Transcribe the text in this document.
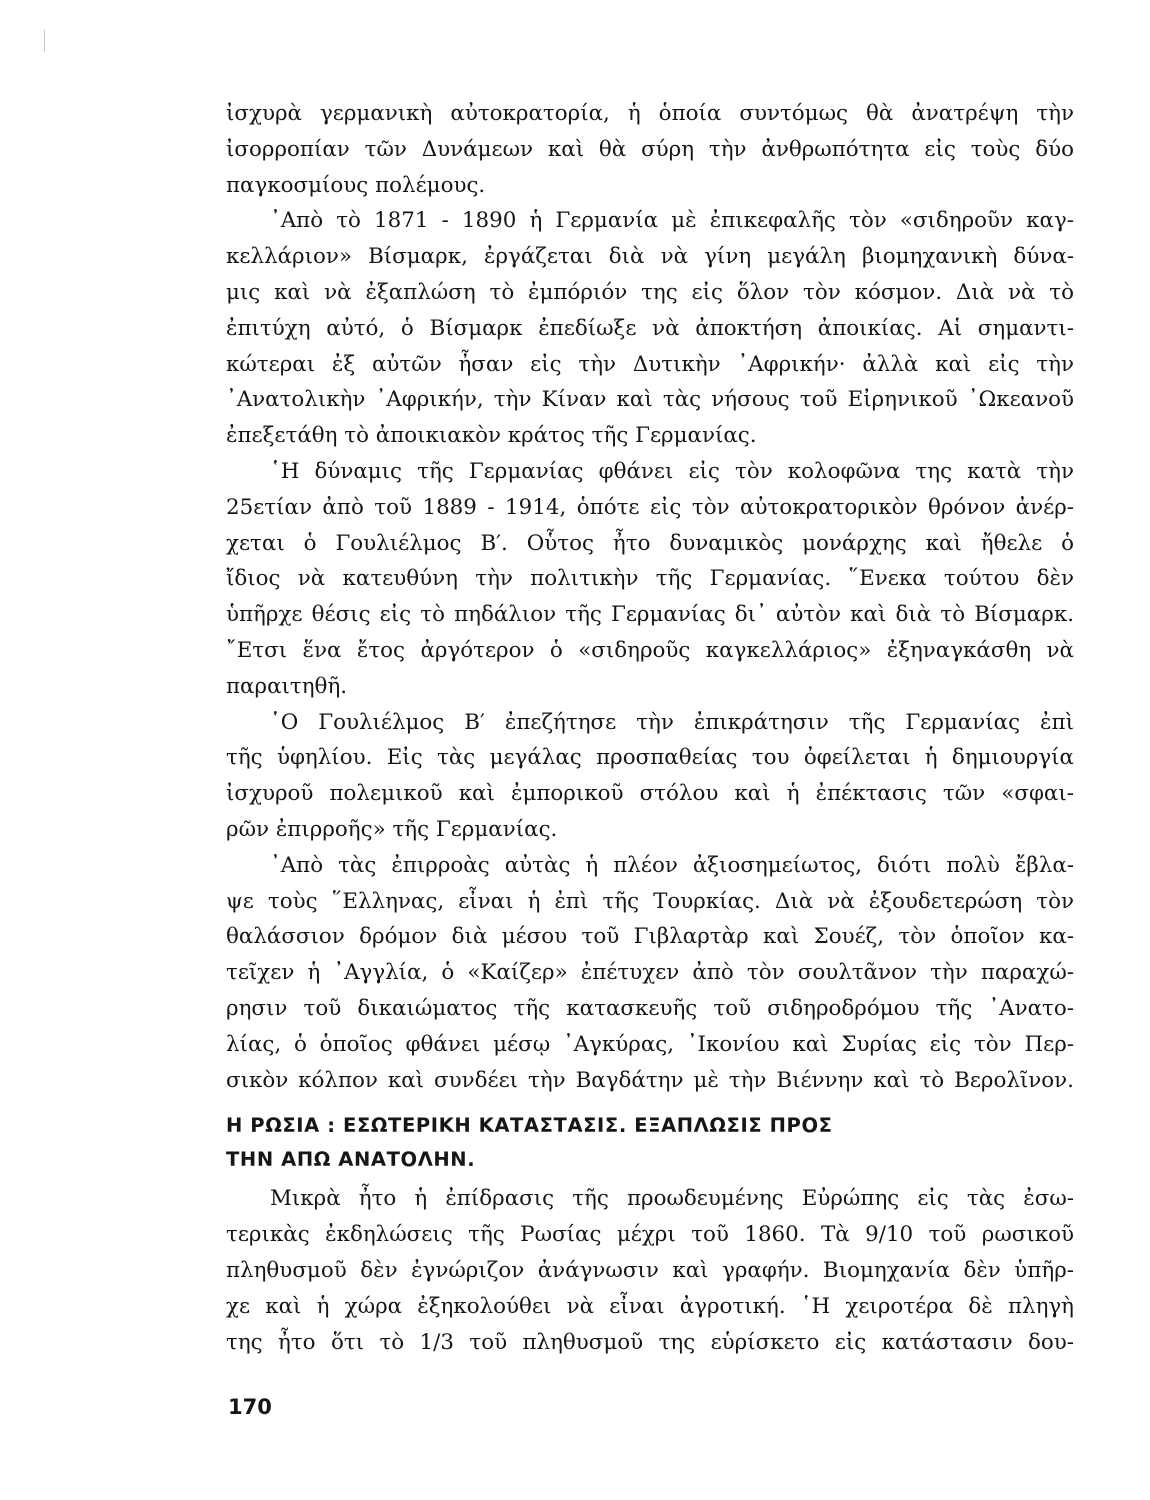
ἰσχυρὰ γερμανικὴ αὐτοκρατορία, ἡ ὁποία συντόμως θὰ ἀνατρέψη τὴν
ἰσορροπίαν τῶν Δυνάμεων καὶ θὰ σύρη τὴν ἀνθρωπότητα εἰς τοὺς δύο
παγκοσμίους πολέμους.
᾽Απὸ τὸ 1871 - 1890 ἡ Γερμανία μὲ ἐπικεφαλῆς τὸν «σιδηροῦν καγ-
κελλάριον» Βίσμαρκ, ἐργάζεται διὰ νὰ γίνη μεγάλη βιομηχανικὴ δύνα-
μις καὶ νὰ ἐξαπλώση τὸ ἐμπόριόν της εἰς ὅλον τὸν κόσμον. Διὰ νὰ τὸ
ἐπιτύχη αὐτό, ὁ Βίσμαρκ ἐπεδίωξε νὰ ἀποκτήση ἀποικίας. Αἱ σημαντι-
κώτεραι ἐξ αὐτῶν ἦσαν εἰς τὴν Δυτικὴν ᾽Αφρικήν· ἀλλὰ καὶ εἰς τὴν
᾽Ανατολικὴν ᾽Αφρικήν, τὴν Κίναν καὶ τὰς νήσους τοῦ Εἰρηνικοῦ ᾽Ωκεανοῦ
ἐπεξετάθη τὸ ἀποικιακὸν κράτος τῆς Γερμανίας.
῾Η δύναμις τῆς Γερμανίας φθάνει εἰς τὸν κολοφῶνα της κατὰ τὴν
25ετίαν ἀπὸ τοῦ 1889 - 1914, ὁπότε εἰς τὸν αὐτοκρατορικὸν θρόνον ἀνέρ-
χεται ὁ Γουλιέλμος Β′. Οὗτος ἦτο δυναμικὸς μονάρχης καὶ ἤθελε ὁ
ἴδιος νὰ κατευθύνη τὴν πολιτικὴν τῆς Γερμανίας. ῞Ενεκα τούτου δὲν
ὑπῆρχε θέσις εἰς τὸ πηδάλιον τῆς Γερμανίας δι᾽ αὐτὸν καὶ διὰ τὸ Βίσμαρκ.
῎Ετσι ἕνα ἔτος ἀργότερον ὁ «σιδηροῦς καγκελλάριος» ἐξηναγκάσθη νὰ
παραιτηθῆ.
῾Ο Γουλιέλμος Β′ ἐπεζήτησε τὴν ἐπικράτησιν τῆς Γερμανίας ἐπὶ
τῆς ὑφηλίου. Εἰς τὰς μεγάλας προσπαθείας του ὀφείλεται ἡ δημιουργία
ἰσχυροῦ πολεμικοῦ καὶ ἐμπορικοῦ στόλου καὶ ἡ ἐπέκτασις τῶν «σφαι-
ρῶν ἐπιρροῆς» τῆς Γερμανίας.
᾽Απὸ τὰς ἐπιρροὰς αὐτὰς ἡ πλέον ἀξιοσημείωτος, διότι πολὺ ἔβλα-
ψε τοὺς ῞Ελληνας, εἶναι ἡ ἐπὶ τῆς Τουρκίας. Διὰ νὰ ἐξουδετερώση τὸν
θαλάσσιον δρόμον διὰ μέσου τοῦ Γιβλαρτὰρ καὶ Σουέζ, τὸν ὁποῖον κα-
τεῖχεν ἡ ᾽Αγγλία, ὁ «Καίζερ» ἐπέτυχεν ἀπὸ τὸν σουλτᾶνον τὴν παραχώ-
ρησιν τοῦ δικαιώματος τῆς κατασκευῆς τοῦ σιδηροδρόμου τῆς ᾽Ανατο-
λίας, ὁ ὁποῖος φθάνει μέσῳ ᾽Αγκύρας, ᾽Ικονίου καὶ Συρίας εἰς τὸν Περ-
σικὸν κόλπον καὶ συνδέει τὴν Βαγδάτην μὲ τὴν Βιέννην καὶ τὸ Βερολῖνον.
Η ΡΩΣΙΑ : ΕΣΩΤΕΡΙΚΗ ΚΑΤΑΣΤΑΣΙΣ. ΕΞΑΠΛΩΣΙΣ ΠΡΟΣ
ΤΗΝ ΑΠΩ ΑΝΑΤΟΛΗΝ.
Μικρὰ ἦτο ἡ ἐπίδρασις τῆς προωδευμένης Εὐρώπης εἰς τὰς ἐσω-
τερικὰς ἐκδηλώσεις τῆς Ρωσίας μέχρι τοῦ 1860. Τὰ 9/10 τοῦ ρωσικοῦ
πληθυσμοῦ δὲν ἐγνώριζον ἀνάγνωσιν καὶ γραφήν. Βιομηχανία δὲν ὑπῆρ-
χε καὶ ἡ χώρα ἐξηκολούθει νὰ εἶναι ἀγροτική. ῾Η χειροτέρα δὲ πληγὴ
της ἦτο ὅτι τὸ 1/3 τοῦ πληθυσμοῦ της εὑρίσκετο εἰς κατάστασιν δου-
170
